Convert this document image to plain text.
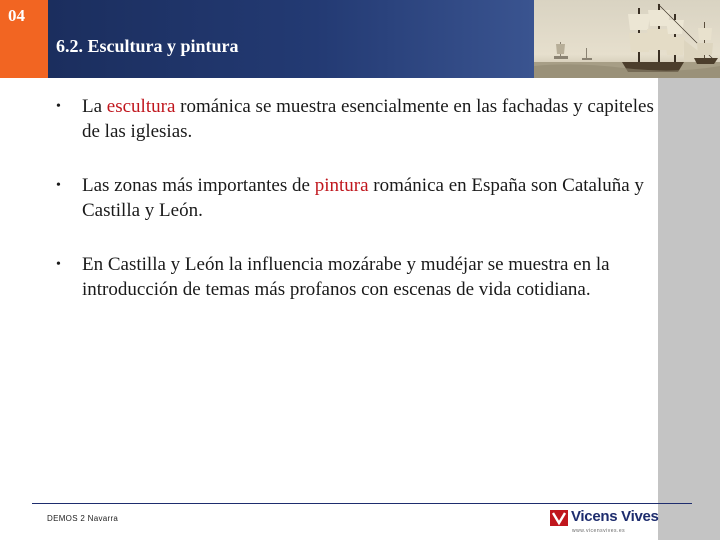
04
6.2. Escultura y pintura
• La escultura románica se muestra esencialmente en las fachadas y capiteles de las iglesias.
• Las zonas más importantes de pintura románica en España son Cataluña y Castilla y León.
• En Castilla y León la influencia mozárabe y mudéjar se muestra en la introducción de temas más profanos con escenas de vida cotidiana.
DEMOS 2 Navarra	Vicens Vives
www.vicensvives.es
